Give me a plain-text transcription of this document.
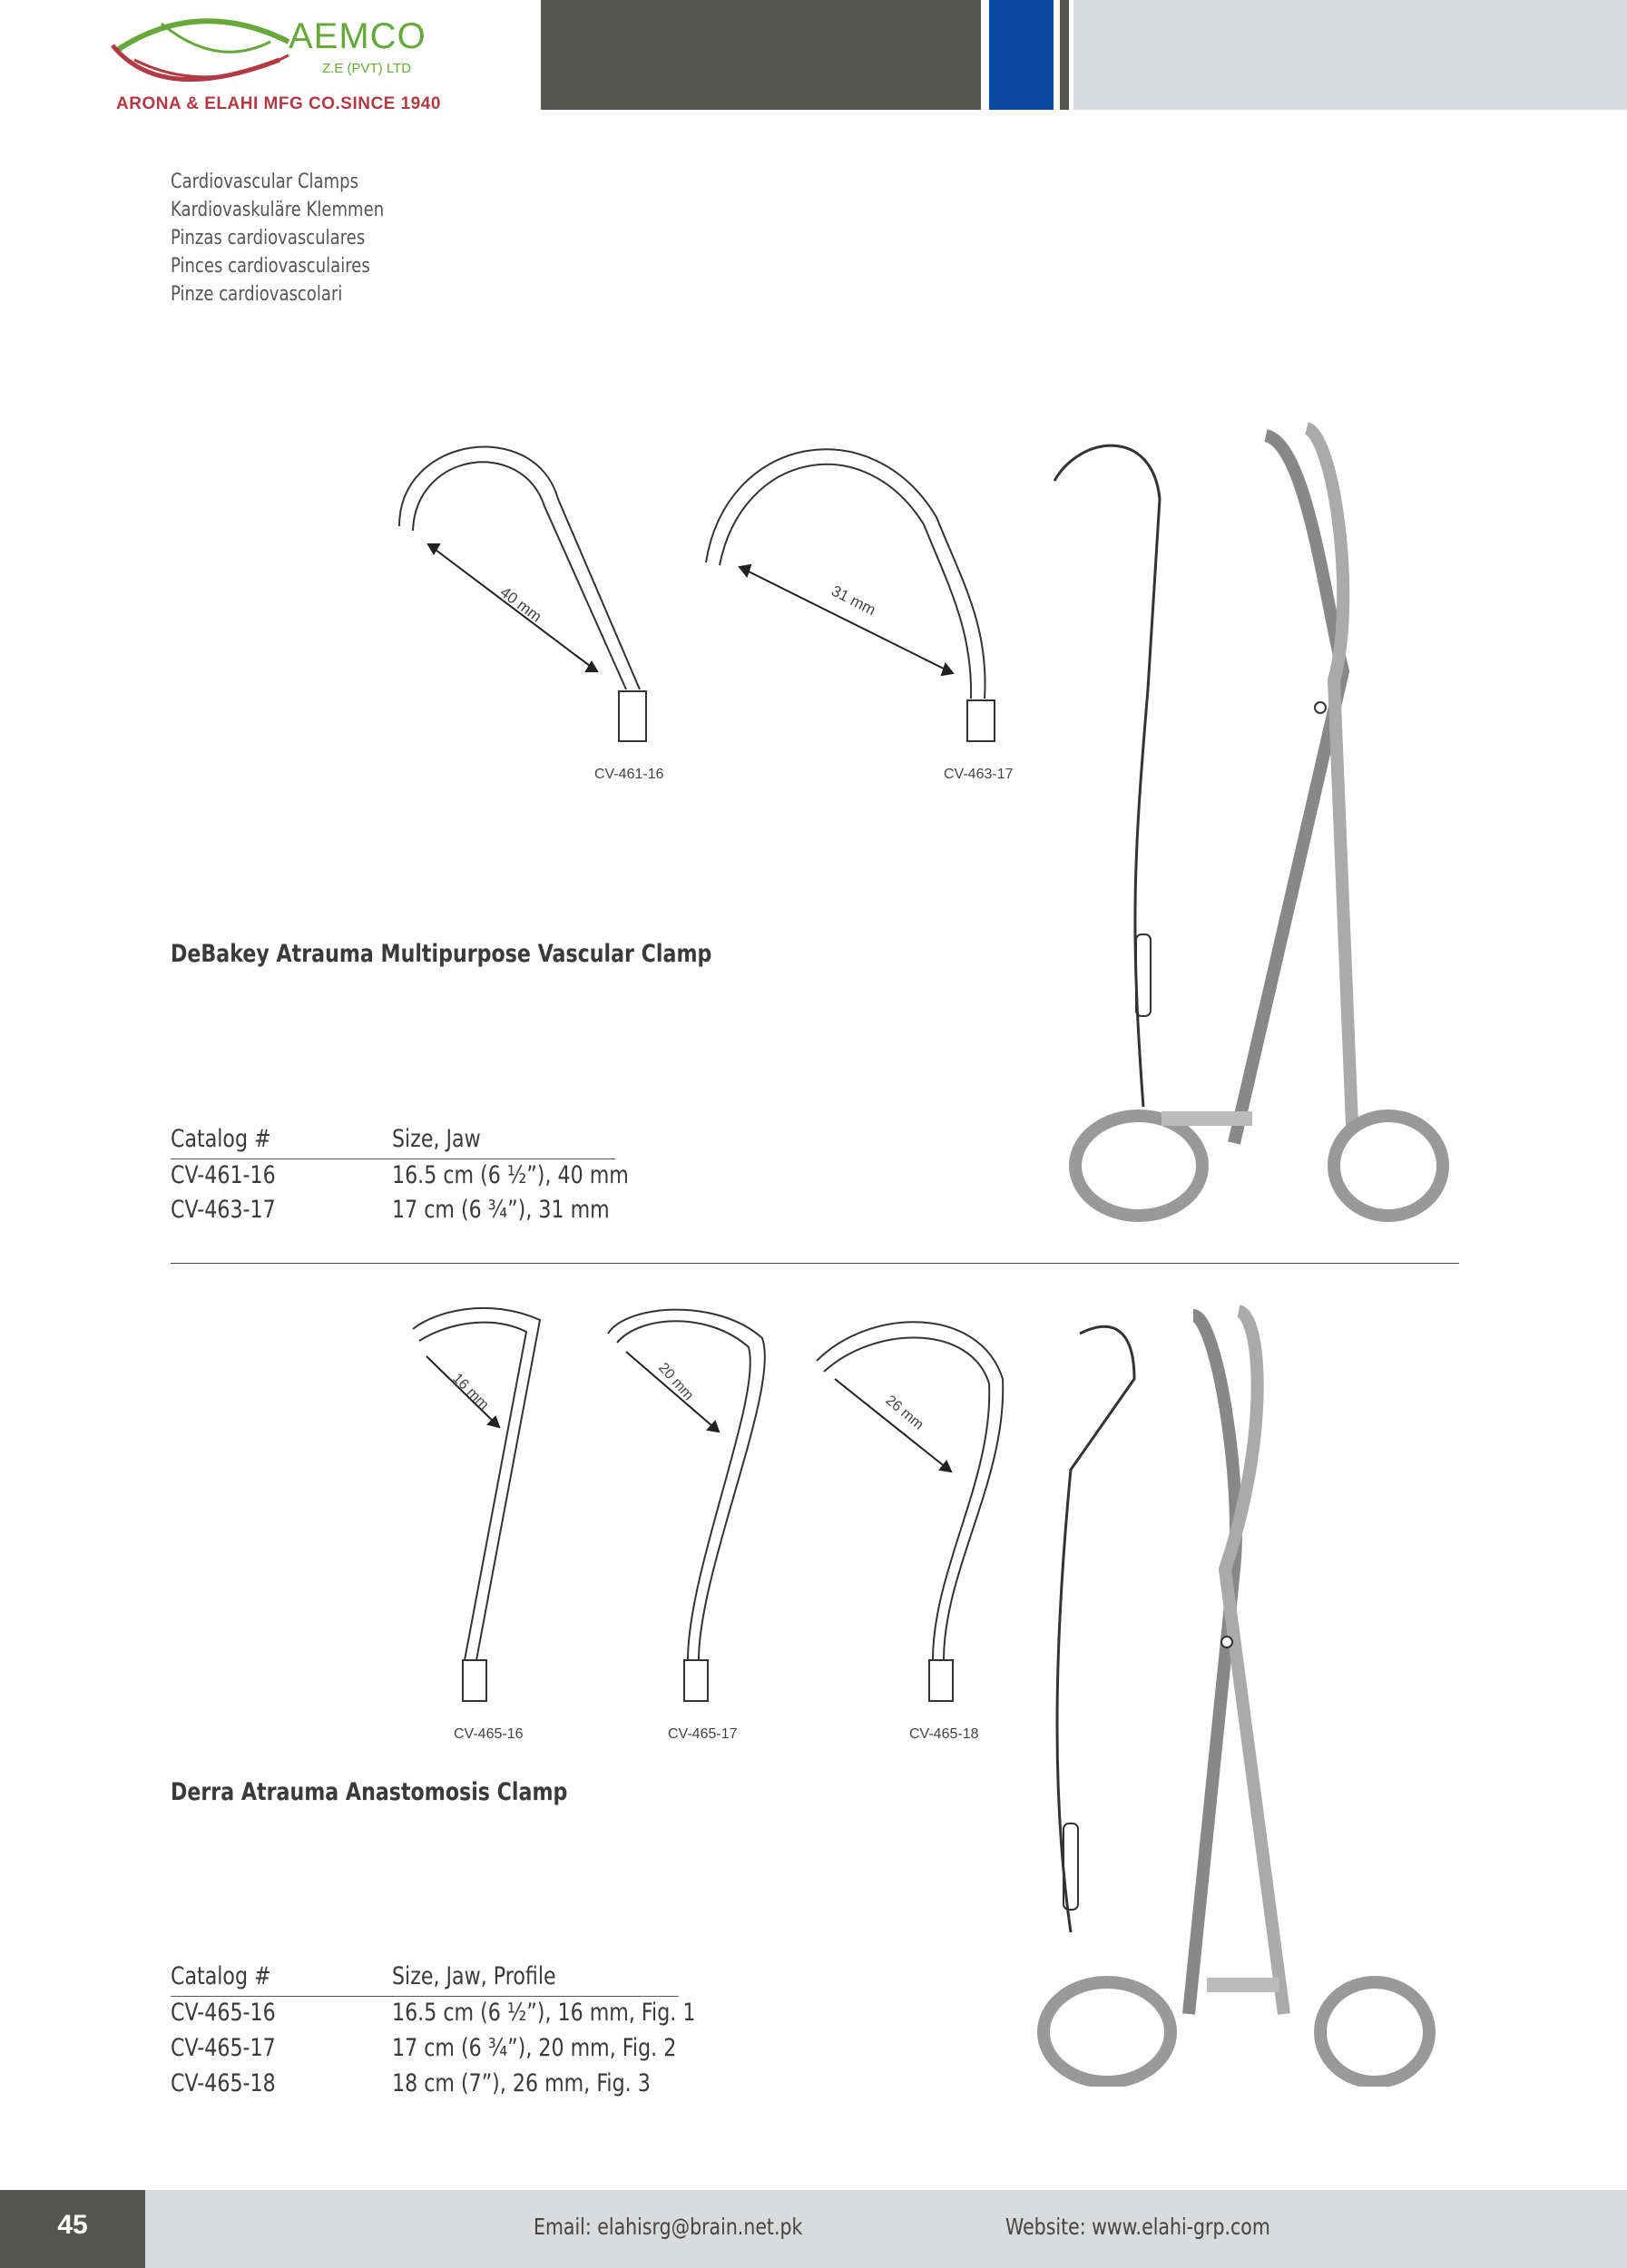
AEMCO
Z.E (PVT) LTD
ARONA & ELAHI MFG CO.SINCE 1940
Cardiovascular Clamps
Kardiovaskuläre Klemmen
Pinzas cardiovasculares
Pinces cardiovasculaires
Pinze cardiovascolari
40 mm
CV-461-16
31 mm
CV-463-17
DeBakey Atrauma Multipurpose Vascular Clamp
Catalog #	Size, Jaw
CV-461-16	16.5 cm (6 ½”), 40 mm
CV-463-17	17 cm (6 ¾”), 31 mm
16 mm
CV-465-16
20 mm
CV-465-17
26 mm
CV-465-18
Derra Atrauma Anastomosis Clamp
Catalog #	Size, Jaw, Profile
CV-465-16	16.5 cm (6 ½”), 16 mm, Fig. 1
CV-465-17	17 cm (6 ¾”), 20 mm, Fig. 2
CV-465-18	18 cm (7”), 26 mm, Fig. 3
45	Email: elahisrg@brain.net.pk	Website: www.elahi-grp.com
